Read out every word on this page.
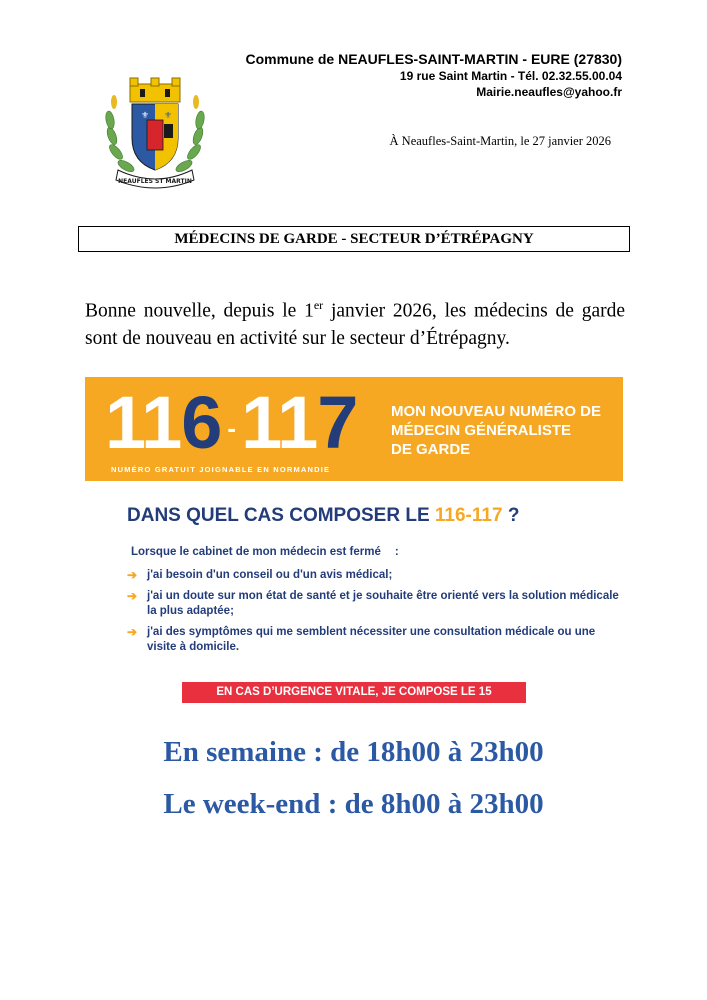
Commune de NEAUFLES-SAINT-MARTIN - EURE (27830)
19 rue Saint Martin - Tél. 02.32.55.00.04
Mairie.neaufles@yahoo.fr
⚜ ⚜
NEAUFLES ST MARTIN
À Neaufles-Saint-Martin, le 27 janvier 2026
MÉDECINS DE GARDE - SECTEUR D’ÉTRÉPAGNY
Bonne nouvelle, depuis le 1er janvier 2026, les médecins de garde sont de nouveau en activité sur le secteur d’Étrépagny.
116 -117
NUMÉRO GRATUIT JOIGNABLE EN NORMANDIE
MON NOUVEAU NUMÉRO DE
MÉDECIN GÉNÉRALISTE
DE GARDE
DANS QUEL CAS COMPOSER LE 116-117 ?
Lorsque le cabinet de mon médecin est fermé :
➔ j'ai besoin d'un conseil ou d'un avis médical;
➔ j'ai un doute sur mon état de santé et je souhaite être orienté vers la solution médicale la plus adaptée;
➔ j'ai des symptômes qui me semblent nécessiter une consultation médicale ou une visite à domicile.
EN CAS D’URGENCE VITALE, JE COMPOSE LE 15
En semaine : de 18h00 à 23h00
Le week-end : de 8h00 à 23h00
